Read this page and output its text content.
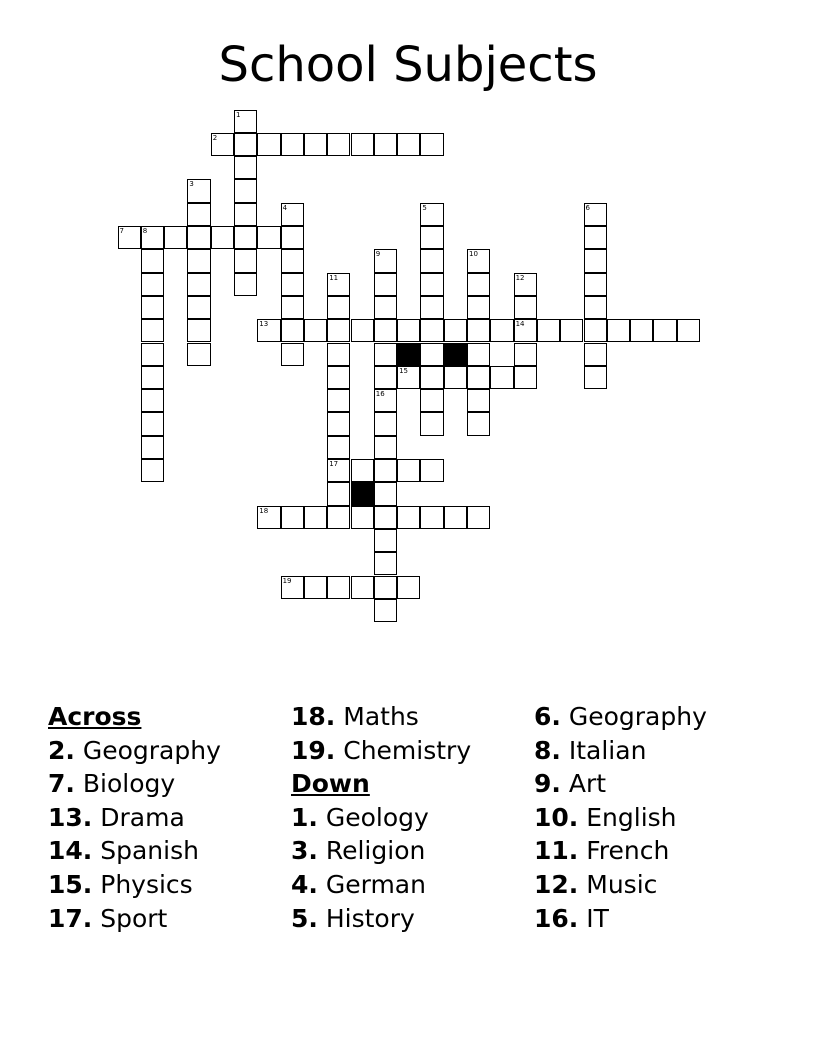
School Subjects
1
2
3
4	5	6
7	8
9	10
11
17
12
14
13
15
16
18
19
Across
2. Geography
7. Biology
13. Drama
14. Spanish
15. Physics
17. Sport
18. Maths
19. Chemistry
Down
1. Geology
3. Religion
4. German
5. History
6. Geography
8. Italian
9. Art
10. English
11. French
12. Music
16. IT
